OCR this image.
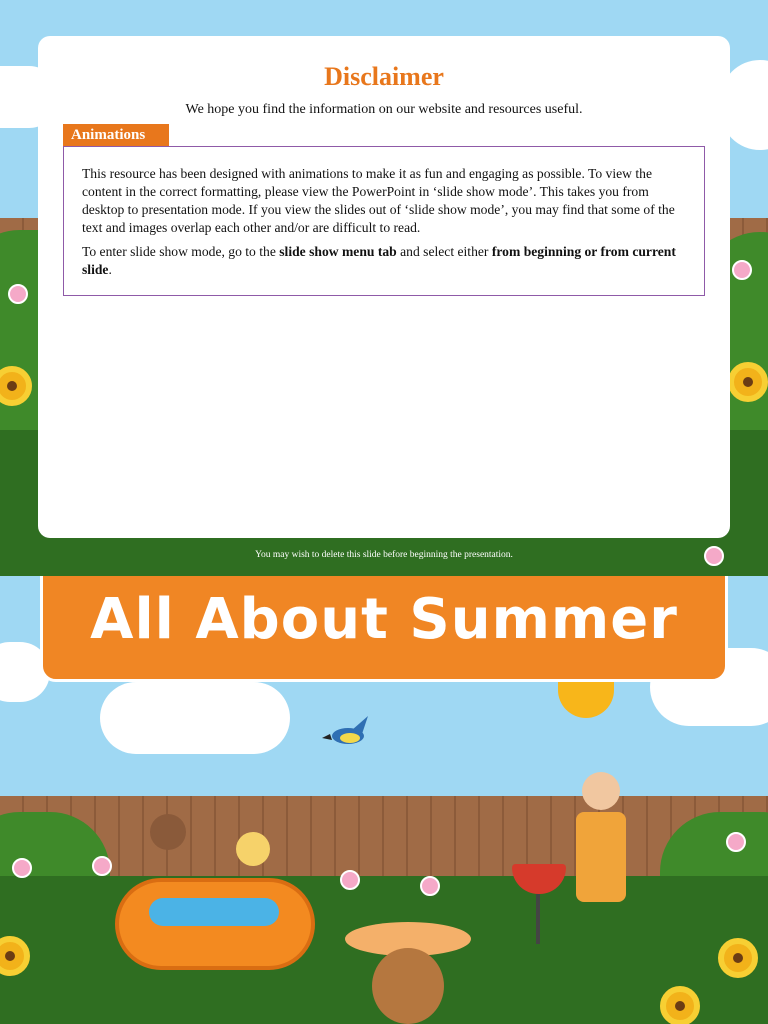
Disclaimer
We hope you find the information on our website and resources useful.
Animations

This resource has been designed with animations to make it as fun and engaging as possible. To view the content in the correct formatting, please view the PowerPoint in ‘slide show mode’. This takes you from desktop to presentation mode. If you view the slides out of ‘slide show mode’, you may find that some of the text and images overlap each other and/or are difficult to read.

To enter slide show mode, go to the slide show menu tab and select either from beginning or from current slide.

You may wish to delete this slide before beginning the presentation.
All About Summer
